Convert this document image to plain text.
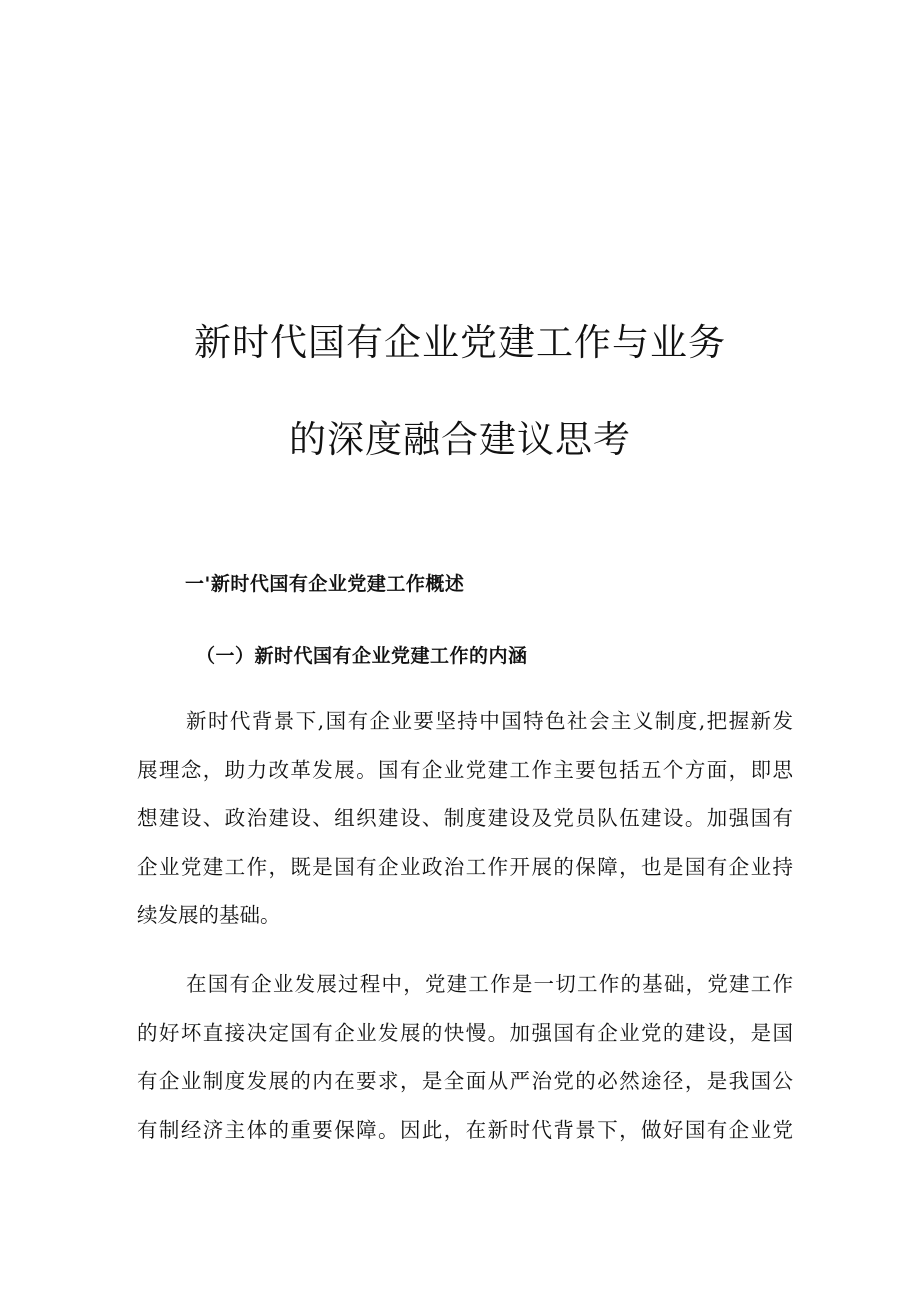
新时代国有企业党建工作与业务
的深度融合建议思考
一'新时代国有企业党建工作概述
（一）新时代国有企业党建工作的内涵
新时代背景下,国有企业要坚持中国特色社会主义制度,把握新发
展理念，助力改革发展。国有企业党建工作主要包括五个方面，即思
想建设、政治建设、组织建设、制度建设及党员队伍建设。加强国有
企业党建工作，既是国有企业政治工作开展的保障，也是国有企业持
续发展的基础。
在国有企业发展过程中，党建工作是一切工作的基础，党建工作
的好坏直接决定国有企业发展的快慢。加强国有企业党的建设，是国
有企业制度发展的内在要求，是全面从严治党的必然途径，是我国公
有制经济主体的重要保障。因此，在新时代背景下，做好国有企业党
